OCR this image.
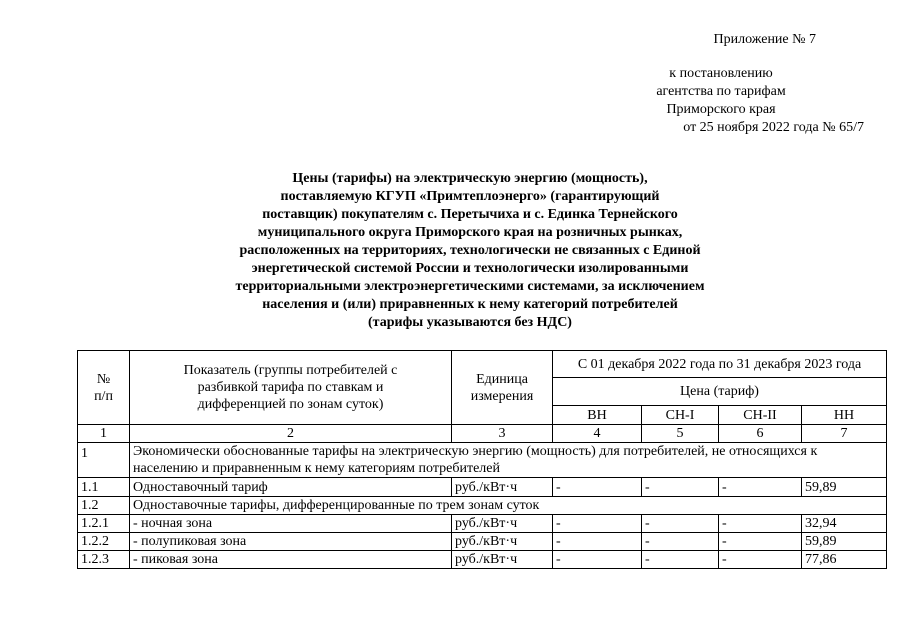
Приложение № 7
к постановлению
агентства по тарифам
Приморского края
от 25 ноября 2022 года № 65/7
Цены (тарифы) на электрическую энергию (мощность),
поставляемую КГУП «Примтеплоэнерго» (гарантирующий
поставщик) покупателям с. Перетычиха и с. Единка Тернейского
муниципального округа Приморского края на розничных рынках,
расположенных на территориях, технологически не связанных с Единой
энергетической системой России и технологически изолированными
территориальными электроэнергетическими системами, за исключением
населения и (или) приравненных к нему категорий потребителей
(тарифы указываются без НДС)
№
п/п	Показатель (группы потребителей с разбивкой тарифа по ставкам и дифференцией по зонам суток)	Единица измерения	С 01 декабря 2022 года по 31 декабря 2023 года			
			Цена (тариф)			
			ВН	СН-I	СН-II	НН
1	2	3	4	5	6	7
1	Экономически обоснованные тарифы на электрическую энергию (мощность) для потребителей, не относящихся к населению и приравненным к нему категориям потребителей					
1.1	Одноставочный тариф	руб./кВт·ч	-	-	-	59,89
1.2	Одноставочные тарифы, дифференцированные по трем зонам суток					
1.2.1	- ночная зона	руб./кВт·ч	-	-	-	32,94
1.2.2	- полупиковая зона	руб./кВт·ч	-	-	-	59,89
1.2.3	- пиковая зона	руб./кВт·ч	-	-	-	77,86
